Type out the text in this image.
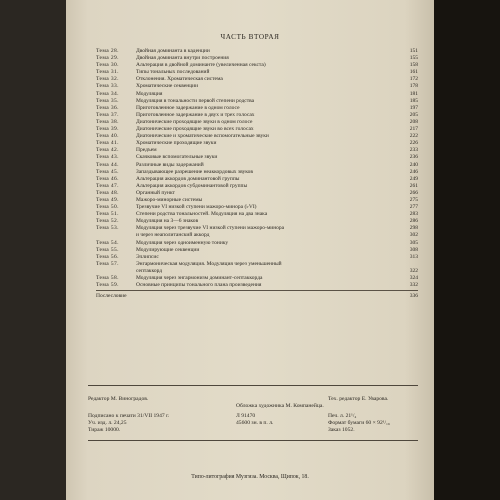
ЧАСТЬ ВТОРАЯ
Тема 28.	Двойная доминанта в каденции	151
Тема 29.	Двойная доминанта внутри построения	155
Тема 30.	Альтерация в двойной доминанте (увеличенная секста)	158
Тема 31.	Типы тональных последований	161
Тема 32.	Отклонения. Хроматическая система	172
Тема 33.	Хроматические секвенции	178
Тема 34.	Модуляция	181
Тема 35.	Модуляция в тональности первой степени родства	185
Тема 36.	Приготовленное задержание в одном голосе	197
Тема 37.	Приготовленное задержание в двух и трех голосах	205
Тема 38.	Диатонические проходящие звуки в одном голосе	208
Тема 39.	Диатонические проходящие звуки во всех голосах	217
Тема 40.	Диатонические и хроматические вспомогательные звуки	222
Тема 41.	Хроматические проходящие звуки	226
Тема 42.	Предъем	233
Тема 43.	Скачковые вспомогательные звуки	236
Тема 44.	Различные виды задержаний	240
Тема 45.	Запаздывающее разрешение неаккордовых звуков	246
Тема 46.	Альтерация аккордов доминантовой группы	249
Тема 47.	Альтерация аккордов субдоминантовой группы	261
Тема 48.	Органный пункт	266
Тема 49.	Мажоро-минорные системы	275
Тема 50.	Трезвучие VI низкой ступени мажоро-минора (♭VI)	277
Тема 51.	Степени родства тональностей. Модуляция на два знака	283
Тема 52.	Модуляция на 3—6 знаков	286
Тема 53.	Модуляция через трезвучие VI низкой ступени мажоро-минора	298
и через неаполитанский аккорд	302
Тема 54.	Модуляция через одноименную тонику	305
Тема 55.	Модулирующие секвенции	308
Тема 56.	Эллипсис	313
Тема 57.	Энгармоническая модуляция. Модуляция через уменьшенный
септаккорд	322
Тема 58.	Модуляция через энгармонизм доминант-септаккорда	324
Тема 59.	Основные принципы тонального плана произведения	332
Послесловие	336
Редактор М. Виноградов.	Тех. редактор Е. Уварова.
Обложка художника М. Компанейца.
Подписано к печати 31/VII 1947 г.	Л 91470	Печ. л. 21¹/₄
Уч. изд. л. 24,25	45600 зн. в п. л.	Формат бумаги 60 × 92¹/₁₆
Тираж 10000.	Заказ 1052.
Типо-литография Музгиза. Москва, Щипок, 18.
